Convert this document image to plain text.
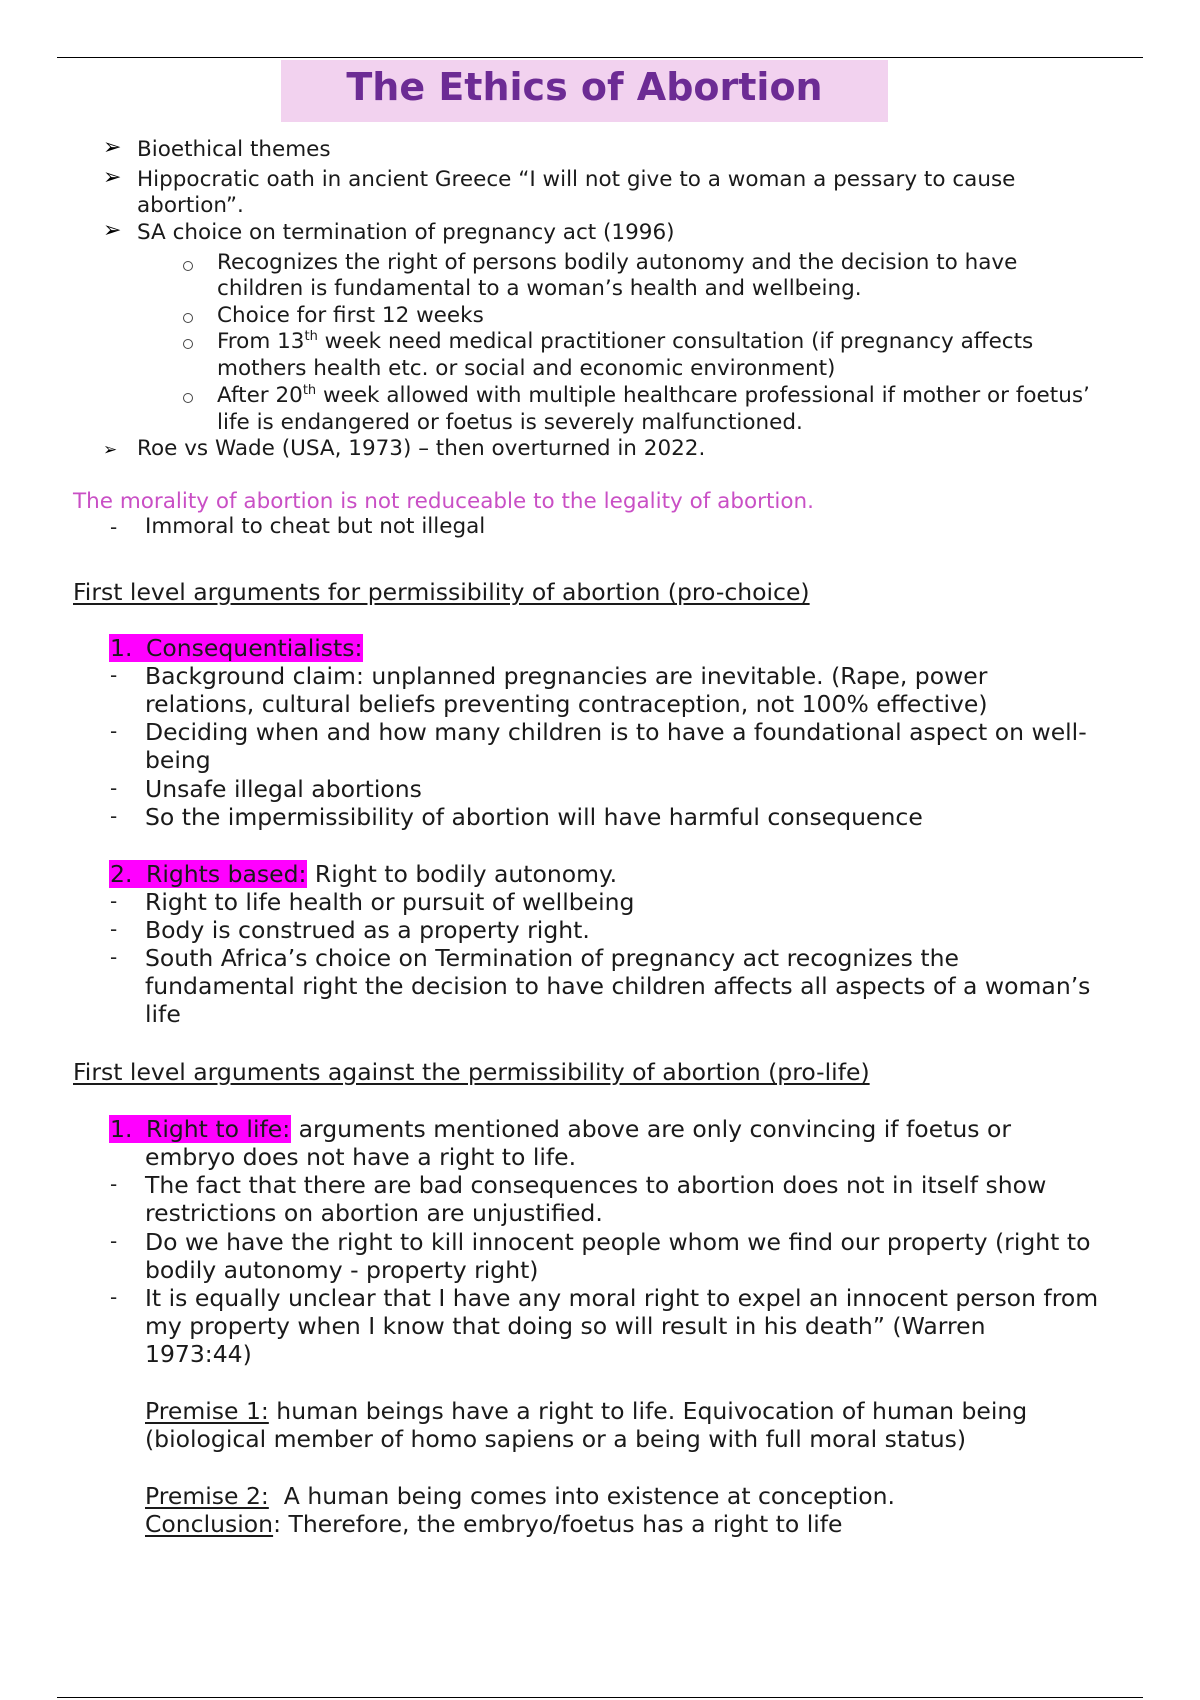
The Ethics of Abortion
➢ Bioethical themes
➢ Hippocratic oath in ancient Greece “I will not give to a woman a pessary to cause
abortion”.
➢ SA choice on termination of pregnancy act (1996)
Recognizes the right of persons bodily autonomy and the decision to have
children is fundamental to a woman’s health and wellbeing.
Choice for first 12 weeks
From 13th week need medical practitioner consultation (if pregnancy affects
mothers health etc. or social and economic environment)
After 20th week allowed with multiple healthcare professional if mother or foetus’
life is endangered or foetus is severely malfunctioned.
➢ Roe vs Wade (USA, 1973) – then overturned in 2022.
The morality of abortion is not reduceable to the legality of abortion.
- Immoral to cheat but not illegal
First level arguments for permissibility of abortion (pro-choice)
1. Consequentialists:
- Background claim: unplanned pregnancies are inevitable. (Rape, power
relations, cultural beliefs preventing contraception, not 100% effective)
- Deciding when and how many children is to have a foundational aspect on well-
being
- Unsafe illegal abortions
- So the impermissibility of abortion will have harmful consequence
2. Rights based: Right to bodily autonomy.
- Right to life health or pursuit of wellbeing
- Body is construed as a property right.
- South Africa’s choice on Termination of pregnancy act recognizes the
fundamental right the decision to have children affects all aspects of a woman’s
life
First level arguments against the permissibility of abortion (pro-life)
1. Right to life: arguments mentioned above are only convincing if foetus or
embryo does not have a right to life.
- The fact that there are bad consequences to abortion does not in itself show
restrictions on abortion are unjustified.
- Do we have the right to kill innocent people whom we find our property (right to
bodily autonomy - property right)
- It is equally unclear that I have any moral right to expel an innocent person from
my property when I know that doing so will result in his death” (Warren
1973:44)
Premise 1: human beings have a right to life. Equivocation of human being
(biological member of homo sapiens or a being with full moral status)
Premise 2:  A human being comes into existence at conception.
Conclusion: Therefore, the embryo/foetus has a right to life
